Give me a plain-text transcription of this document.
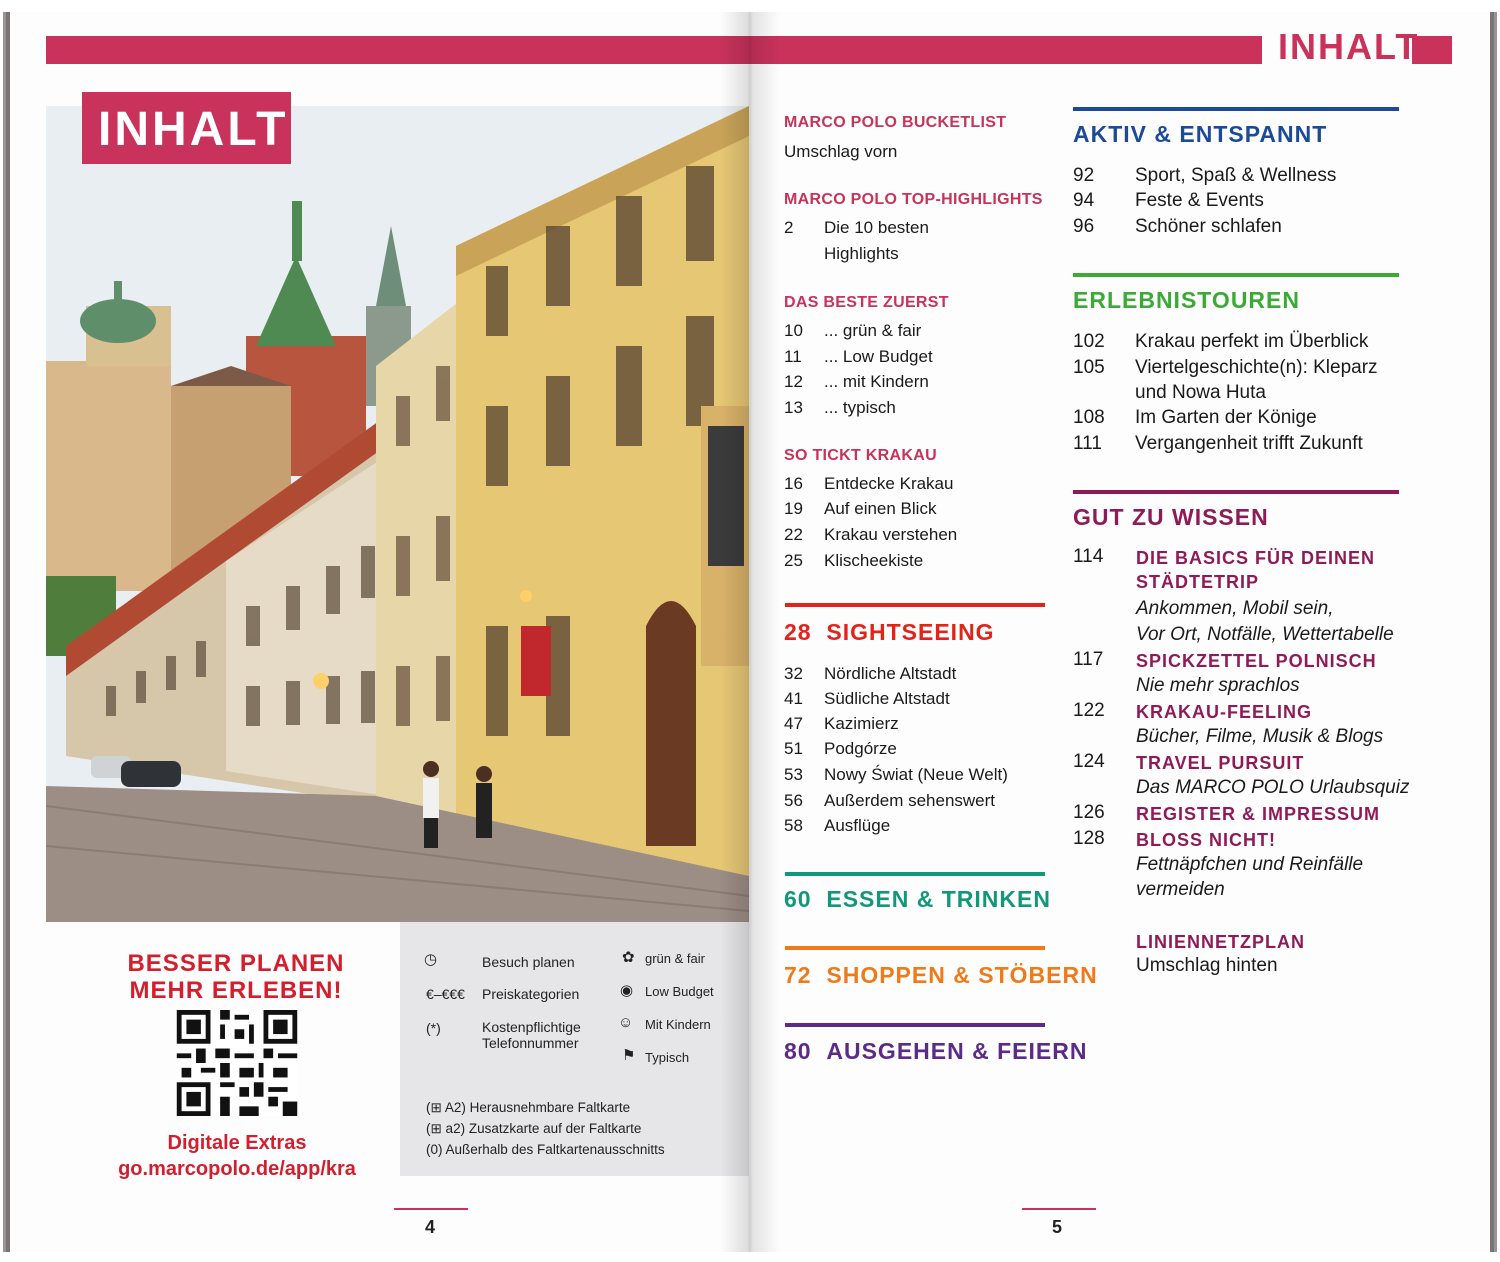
INHALT
INHALT
BESSER PLANEN
MEHR ERLEBEN!
Digitale Extras
go.marcopolo.de/app/kra
◷	Besuch planen
€–€€€ Preiskategorien
(*)	Kostenpflichtige Telefonnummer
✿ grün & fair
◉ Low Budget
☺ Mit Kindern
⚑ Typisch
(⊞ A2) Herausnehmbare Faltkarte
(⊞ a2) Zusatzkarte auf der Faltkarte
(0) Außerhalb des Faltkartenausschnitts
4
MARCO POLO BUCKETLIST
Umschlag vorn
MARCO POLO TOP-HIGHLIGHTS
2 Die 10 besten
Highlights
DAS BESTE ZUERST
10 ... grün & fair
11 ... Low Budget
12 ... mit Kindern
13 ... typisch
SO TICKT KRAKAU
16 Entdecke Krakau
19 Auf einen Blick
22 Krakau verstehen
25 Klischeekiste
28 SIGHTSEEING
32 Nördliche Altstadt
41 Südliche Altstadt
47 Kazimierz
51 Podgórze
53 Nowy Świat (Neue Welt)
56 Außerdem sehenswert
58 Ausflüge
60 ESSEN & TRINKEN
72 SHOPPEN & STÖBERN
80 AUSGEHEN & FEIERN
AKTIV & ENTSPANNT
92 Sport, Spaß & Wellness
94 Feste & Events
96 Schöner schlafen
ERLEBNISTOUREN
102 Krakau perfekt im Überblick
105 Viertelgeschichte(n): Kleparz
und Nowa Huta
108 Im Garten der Könige
111 Vergangenheit trifft Zukunft
GUT ZU WISSEN
114 DIE BASICS FÜR DEINEN
STÄDTETRIP
Ankommen, Mobil sein,
Vor Ort, Notfälle, Wettertabelle
117 SPICKZETTEL POLNISCH
Nie mehr sprachlos
122 KRAKAU-FEELING
Bücher, Filme, Musik & Blogs
124 TRAVEL PURSUIT
Das MARCO POLO Urlaubsquiz
126 REGISTER & IMPRESSUM
128 BLOSS NICHT!
Fettnäpfchen und Reinfälle
vermeiden
LINIENNETZPLAN
Umschlag hinten
5
